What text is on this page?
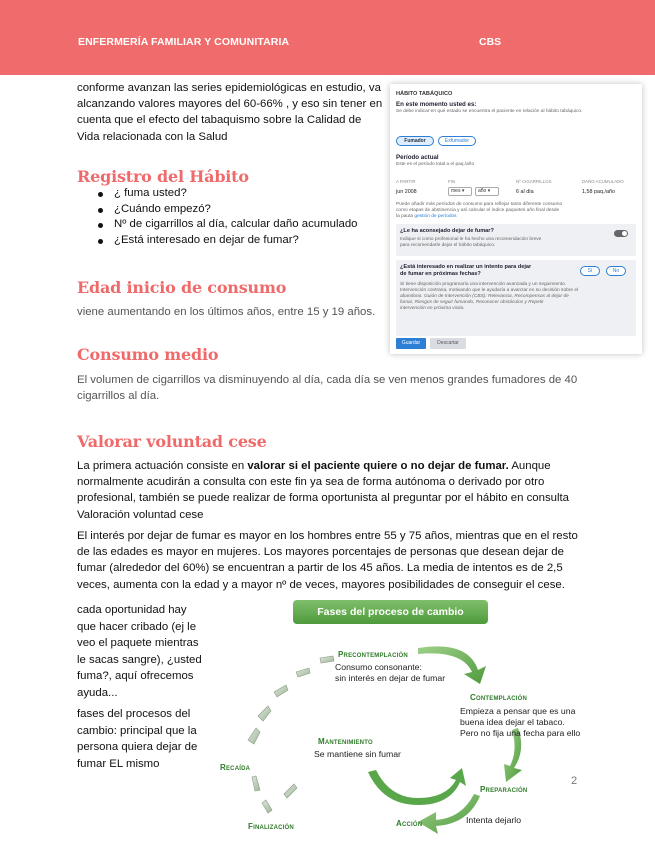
ENFERMERÍA FAMILIAR Y COMUNITARIA	CBS
conforme avanzan las series epidemiológicas en estudio, va
alcanzando valores mayores del 60-66% , y eso sin tener en
cuenta que el efecto del tabaquismo sobre la Calidad de
Vida relacionada con la Salud
Registro del Hábito
¿ fuma usted?
¿Cuándo empezó?
Nº de cigarrillos al día, calcular daño acumulado
¿Está interesado en dejar de fumar?
Edad inicio de consumo
viene aumentando en los últimos años, entre 15 y 19 años.
Consumo medio
El volumen de cigarrillos va disminuyendo al día, cada día se ven menos grandes fumadores de 40
cigarrillos al día.
Valorar voluntad cese
La primera actuación consiste en valorar si el paciente quiere o no dejar de fumar. Aunque
normalmente acudirán a consulta con este fin ya sea de forma autónoma o derivado por otro
profesional, también se puede realizar de forma oportunista al preguntar por el hábito en consulta
Valoración voluntad cese
El interés por dejar de fumar es mayor en los hombres entre 55 y 75 años, mientras que en el resto
de las edades es mayor en mujeres. Los mayores porcentajes de personas que desean dejar de
fumar (alrededor del 60%) se encuentran a partir de los 45 años. La media de intentos es de 2,5
veces, aumenta con la edad y a mayor nº de veces, mayores posibilidades de conseguir el cese.
cada oportunidad hay
que hacer cribado (ej le
veo el paquete mientras
le sacas sangre), ¿usted
fuma?, aquí ofrecemos
ayuda...
fases del procesos del
cambio: principal que la
persona quiera dejar de
fumar EL mismo
HÁBITO TABÁQUICO
En este momento usted es:
Se debe indicar en qué estado se encuentra el paciente en relación al hábito tabáquico.
Fumador	Exfumador
Período actual
Este es el período total a el paq./año
A PARTIR	FIN	Nº CIGARRILLOS	DAÑO ACUMULADO
jun 2008	mes ▾	año ▾	6 al día	1,58 paq./año
Puede añadir más períodos de consumo para reflejar tanto diferente consumo
como etapas de abstinencia y así calcular el índice paquetes año final desde
la pauta gestión de períodos
¿Le ha aconsejado dejar de fumar?
Indique si como profesional le ha hecho una recomendación breve
para recomendarle dejar el hábito tabáquico.
¿Está interesado en realizar un intento para dejar
de fumar en próximas fechas?	Sí	No
Si tiene disposición programaría una intervención avanzada y un seguimiento.
Intervención contraria, motivando que le ayudaría a avanzar en su decisión sobre el
abandono. Guión de Intervención (CBS): Relevancia, Recompensas al dejar de
fumar, Riesgos de seguir fumando, Reconocer obstáculos y Repetir
intervención en próxima visita.
Guardar	Descartar
Fases del proceso de cambio
Precontemplación
Consumo consonante:
sin interés en dejar de fumar
Contemplación
Empieza a pensar que es una
buena idea dejar el tabaco.
Pero no fija una fecha para ello
Preparación
Intenta dejarlo
Acción
Mantenimiento
Se mantiene sin fumar
Recaída
Finalización
2
